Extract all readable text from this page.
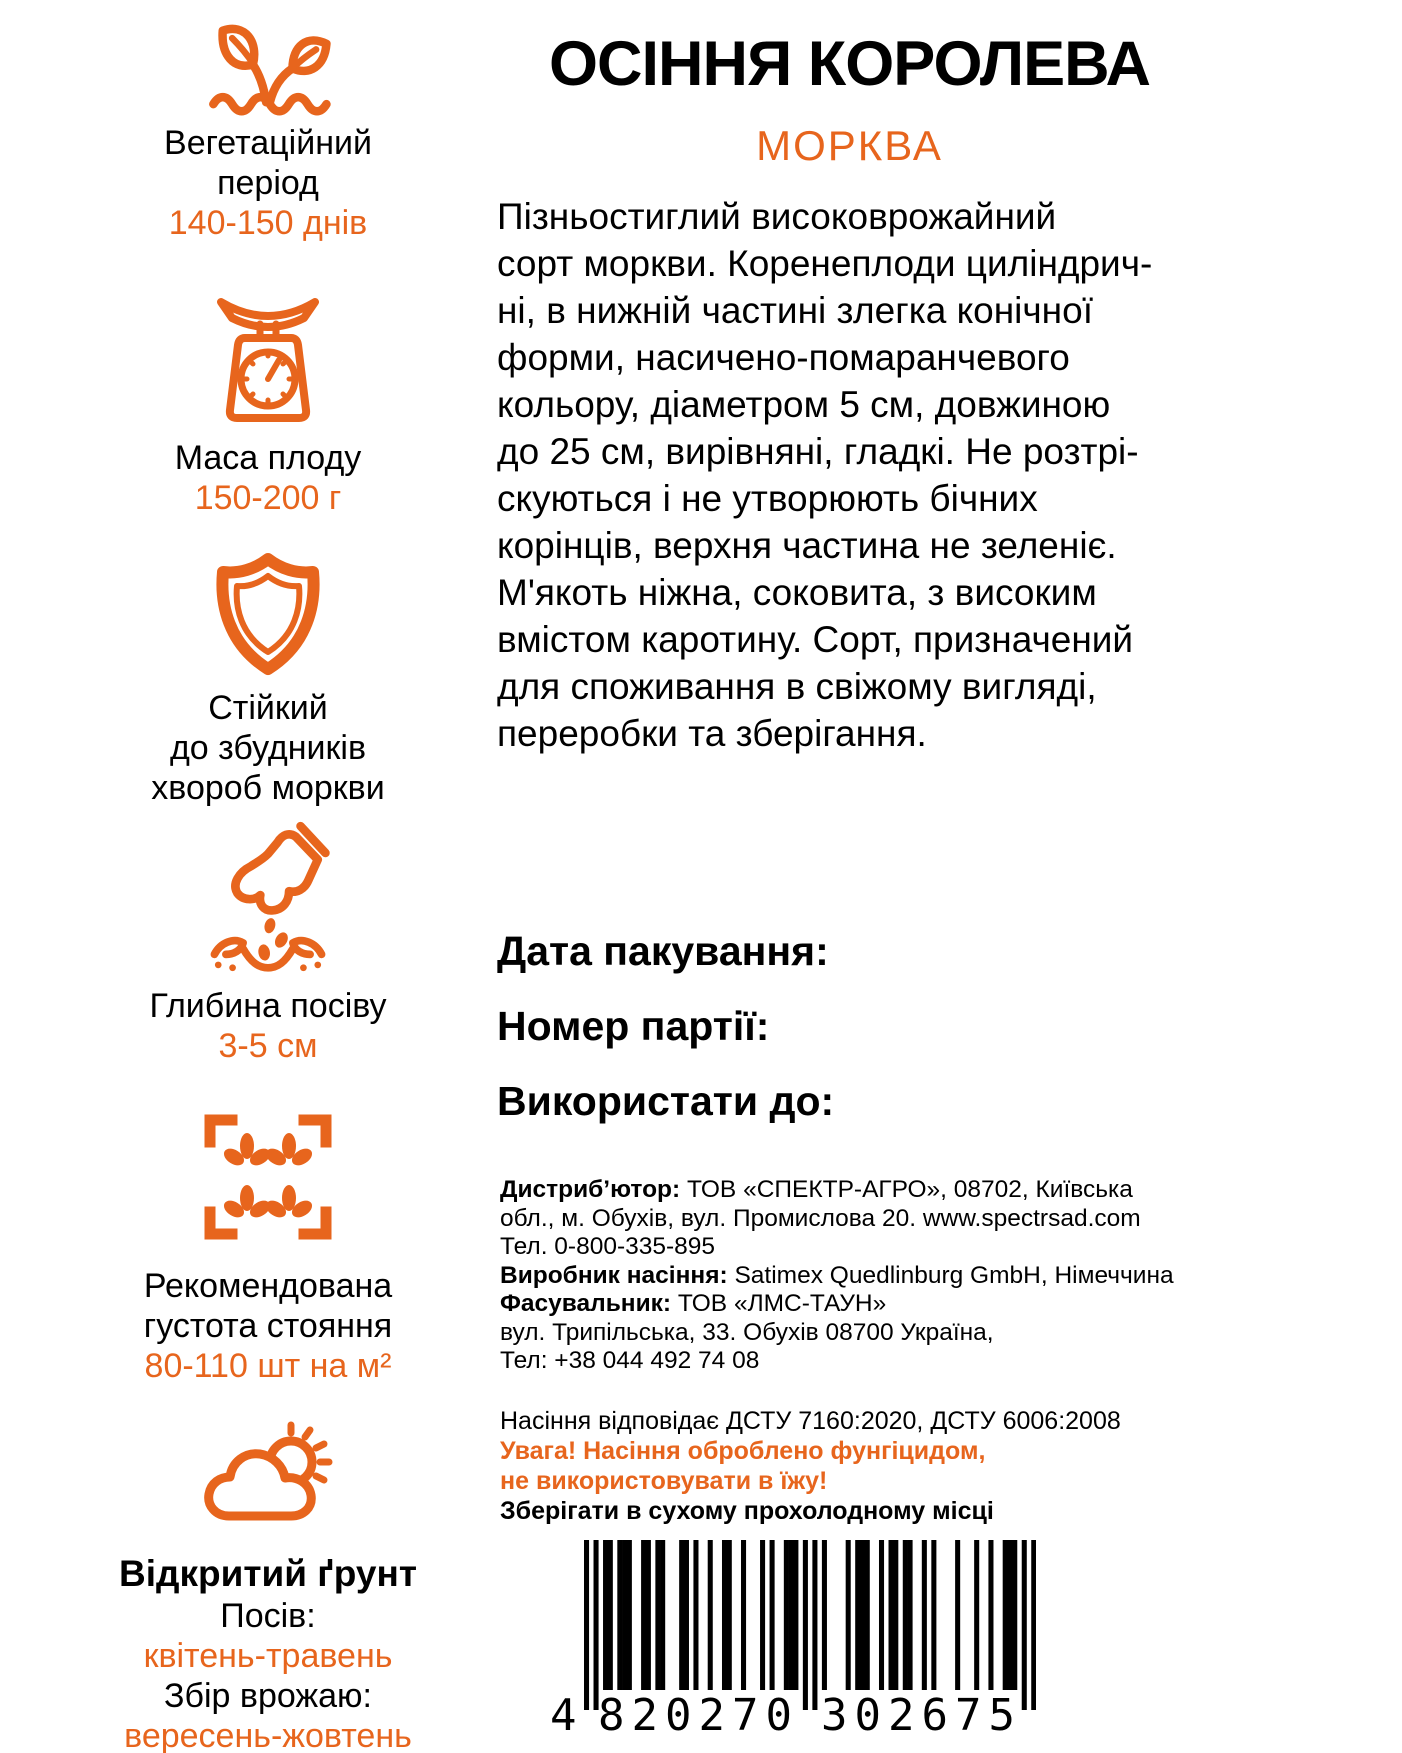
Вегетаційний
період
140-150 днів
Маса плоду
150-200 г
Стійкий
до збудників
хвороб моркви
Глибина посіву
3-5 см
Рекомендована
густота стояння
80-110 шт на м²
Відкритий ґрунт
Посів:
квітень-травень
Збір врожаю:
вересень-жовтень
ОСІННЯ КОРОЛЕВА
МОРКВА
Пізньостиглий високоврожайний
сорт моркви. Коренеплоди циліндрич-
ні, в нижній частині злегка конічної
форми, насичено-помаранчевого
кольору, діаметром 5 см, довжиною
до 25 см, вирівняні, гладкі. Не розтрі-
скуються і не утворюють бічних
корінців, верхня частина не зеленіє.
М'якоть ніжна, соковита, з високим
вмістом каротину. Сорт, призначений
для споживання в свіжому вигляді,
переробки та зберігання.
Дата пакування:
Номер партії:
Використати до:
Дистриб’ютор: ТОВ «СПЕКТР-АГРО», 08702, Київська
обл., м. Обухів, вул. Промислова 20. www.spectrsad.com
Тел. 0-800-335-895
Виробник насіння: Satimex Quedlinburg GmbH, Німеччина
Фасувальник: ТОВ «ЛМС-ТАУН»
вул. Трипільська, 33. Обухів 08700 Україна,
Тел: +38 044 492 74 08
Насіння відповідає ДСТУ 7160:2020, ДСТУ 6006:2008
Увага! Насіння оброблено фунгіцидом,
не використовувати в їжу!
Зберігати в сухому прохолодному місці
4 820270 302675
